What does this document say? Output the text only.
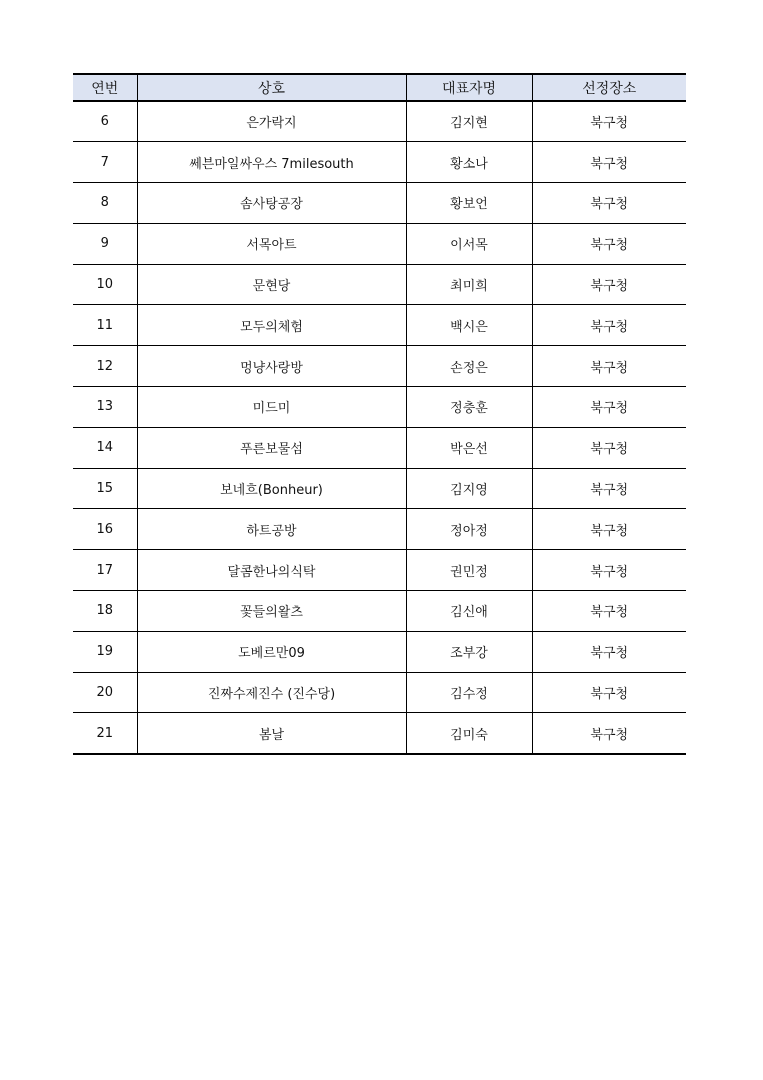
연번	상호	대표자명	선정장소
6	은가락지	김지현	북구청
7	쎄븐마일싸우스 7milesouth	황소나	북구청
8	솜사탕공장	황보언	북구청
9	서목아트	이서목	북구청
10	문현당	최미희	북구청
11	모두의체험	백시은	북구청
12	멍냥사랑방	손정은	북구청
13	미드미	정충훈	북구청
14	푸른보물섬	박은선	북구청
15	보네흐(Bonheur)	김지영	북구청
16	하트공방	정아정	북구청
17	달콤한나의식탁	권민정	북구청
18	꽃들의왈츠	김신애	북구청
19	도베르만09	조부강	북구청
20	진짜수제진수 (진수당)	김수정	북구청
21	봄날	김미숙	북구청
